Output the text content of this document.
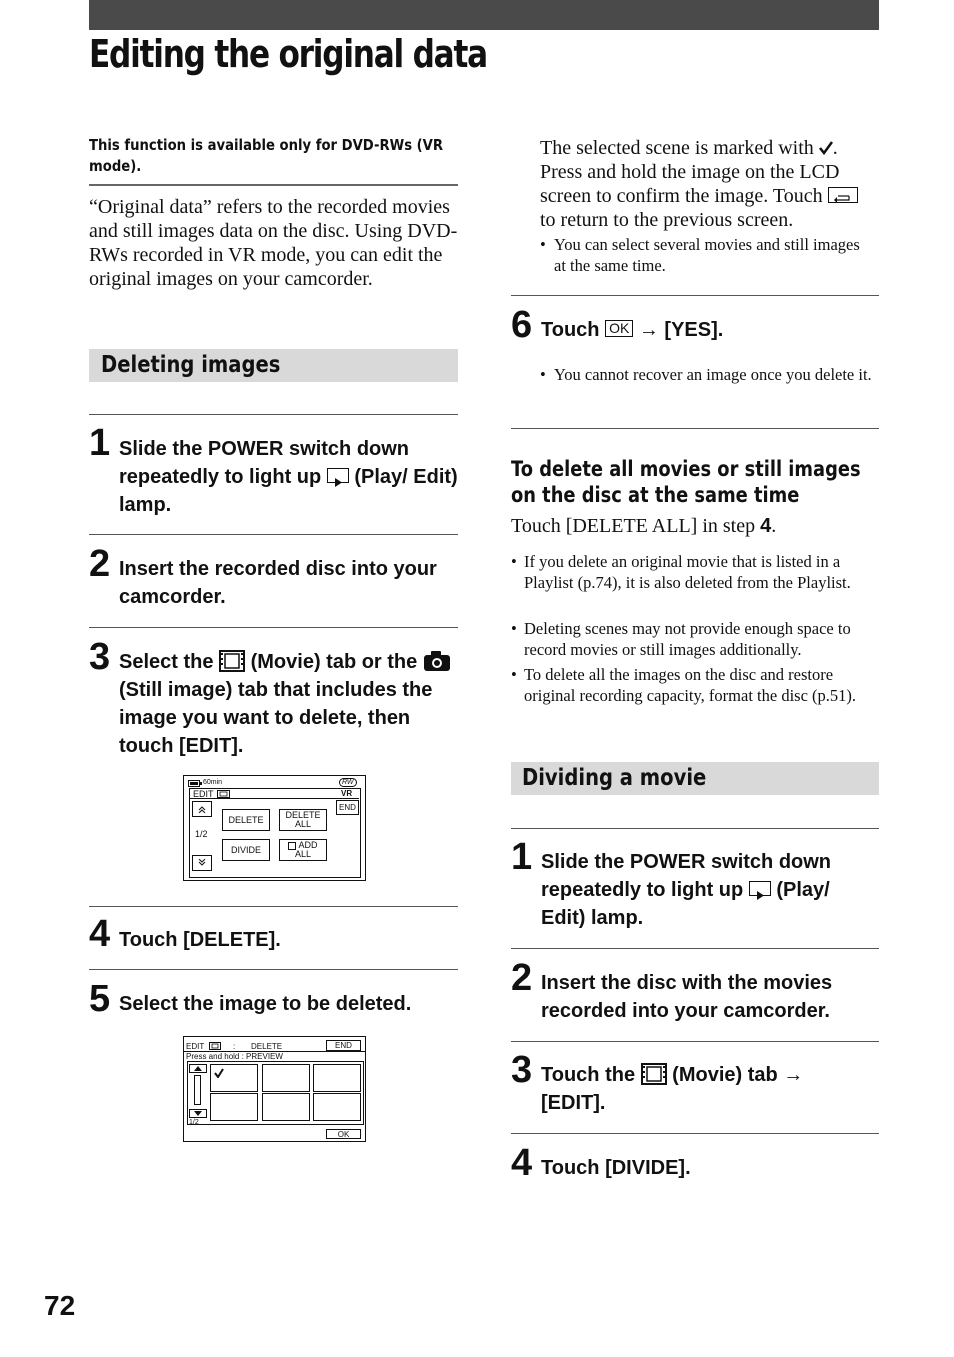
Editing the original data
This function is available only for DVD-RWs (VR mode).
“Original data” refers to the recorded movies and still images data on the disc. Using DVD-RWs recorded in VR mode, you can edit the original images on your camcorder.
Deleting images
1 Slide the POWER switch down repeatedly to light up  (Play/ Edit) lamp.
2 Insert the recorded disc into your camcorder.
3 Select the  (Movie) tab or the  (Still image) tab that includes the image you want to delete, then touch [EDIT].
60min	RW
EDIT	VR
1/2
DELETE DELETE
ALL
DIVIDE	ADD
ALL
END
4 Touch [DELETE].
5 Select the image to be deleted.
EDIT	: DELETE	END
Press and hold : PREVIEW
1/2
OK
The selected scene is marked with . Press and hold the image on the LCD screen to confirm the image. Touch  to return to the previous screen.
• You can select several movies and still images at the same time.
6 Touch OK → [YES].
• You cannot recover an image once you delete it.
To delete all movies or still images on the disc at the same time
Touch [DELETE ALL] in step 4.
• If you delete an original movie that is listed in a Playlist (p.74), it is also deleted from the Playlist.
• Deleting scenes may not provide enough space to record movies or still images additionally.
• To delete all the images on the disc and restore original recording capacity, format the disc (p.51).
Dividing a movie
1 Slide the POWER switch down repeatedly to light up  (Play/ Edit) lamp.
2 Insert the disc with the movies recorded into your camcorder.
3 Touch the  (Movie) tab → [EDIT].
4 Touch [DIVIDE].
72
